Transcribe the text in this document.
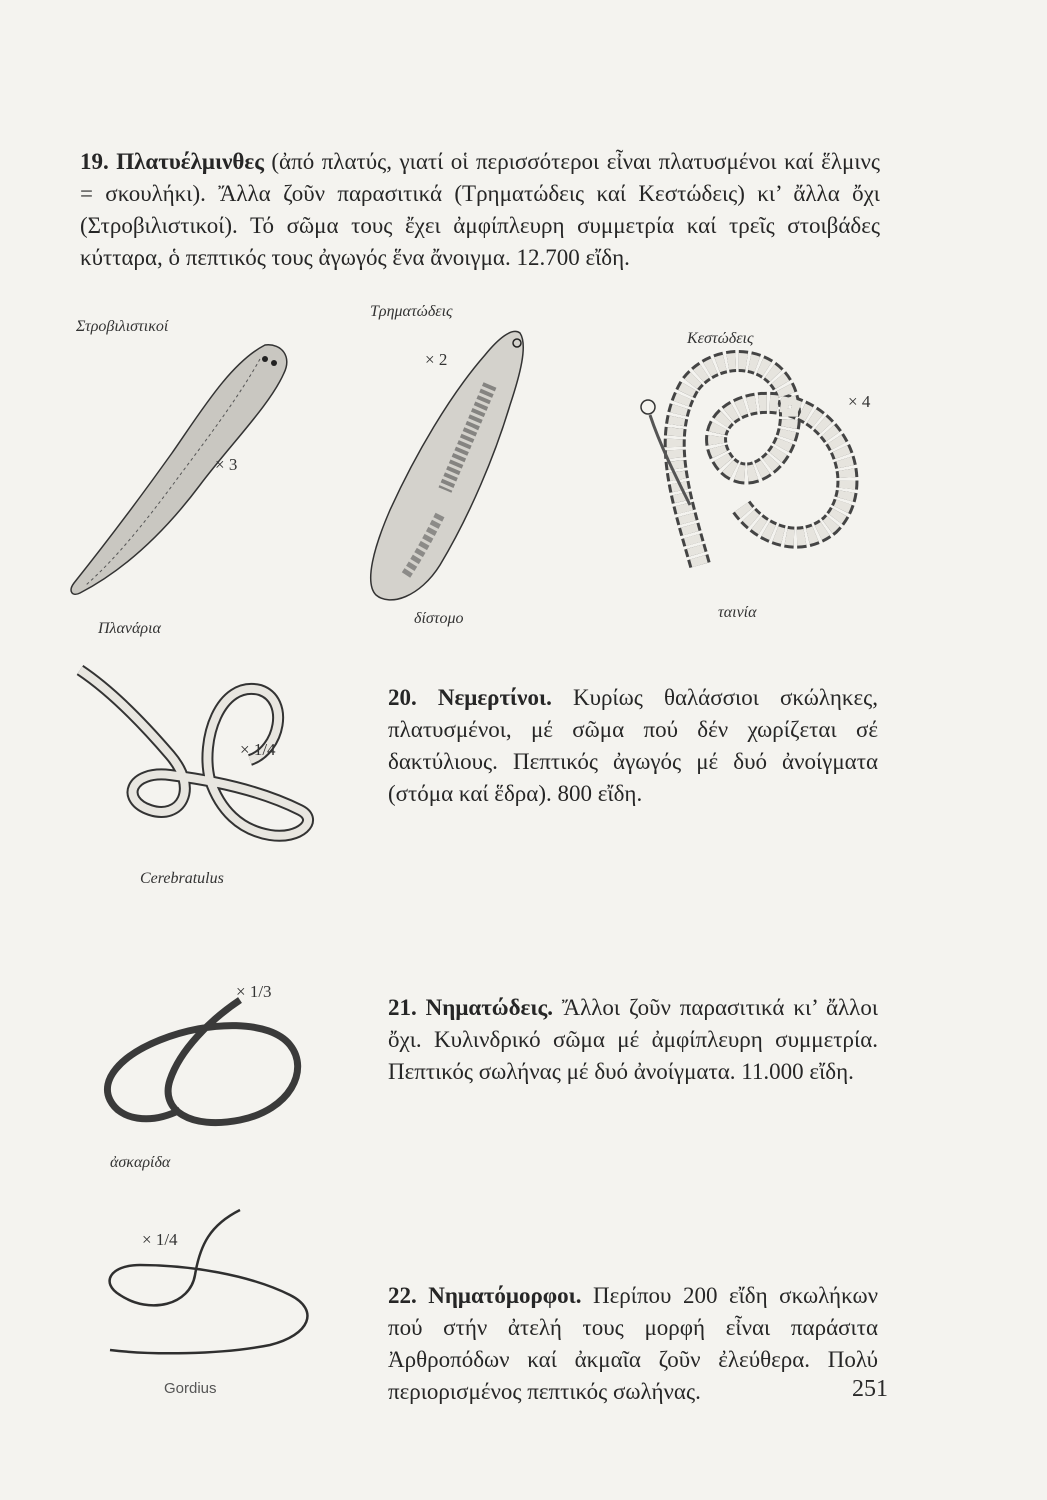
19. Πλατυέλμινθες (ἀπό πλατύς, γιατί οἱ περισσότεροι εἶναι πλατυσμένοι καί ἕλμινς = σκουλήκι). Ἄλλα ζοῦν παρασιτικά (Τρηματώδεις καί Κεστώδεις) κι’ ἄλλα ὄχι (Στροβιλιστικοί). Τό σῶμα τους ἔχει ἀμφίπλευρη συμμετρία καί τρεῖς στοιβάδες κύτταρα, ὁ πεπτικός τους ἀγωγός ἕνα ἄνοιγμα. 12.700 εἴδη.

Στροβιλιστικοί
Τρηματώδεις
Κεστώδεις
× 3
Πλανάρια
× 2
δίστομο
× 4
ταινία
× 1/4
Cerebratulus

20. Νεμερτίνοι. Κυρίως θαλάσσιοι σκώληκες, πλατυσμένοι, μέ σῶμα πού δέν χωρίζεται σέ δακτύλιους. Πεπτικός ἀγωγός μέ δυό ἀνοίγματα (στόμα καί ἕδρα). 800 εἴδη.

× 1/3
ἀσκαρίδα

21. Νηματώδεις. Ἄλλοι ζοῦν παρασιτικά κι’ ἄλλοι ὄχι. Κυλινδρικό σῶμα μέ ἀμφίπλευρη συμμετρία. Πεπτικός σωλήνας μέ δυό ἀνοίγματα. 11.000 εἴδη.

× 1/4
Gordius

22. Νηματόμορφοι. Περίπου 200 εἴδη σκωλήκων πού στήν ἀτελή τους μορφή εἶναι παράσιτα Ἀρθροπόδων καί ἀκμαῖα ζοῦν ἐλεύθερα. Πολύ περιορισμένος πεπτικός σωλήνας.	251
